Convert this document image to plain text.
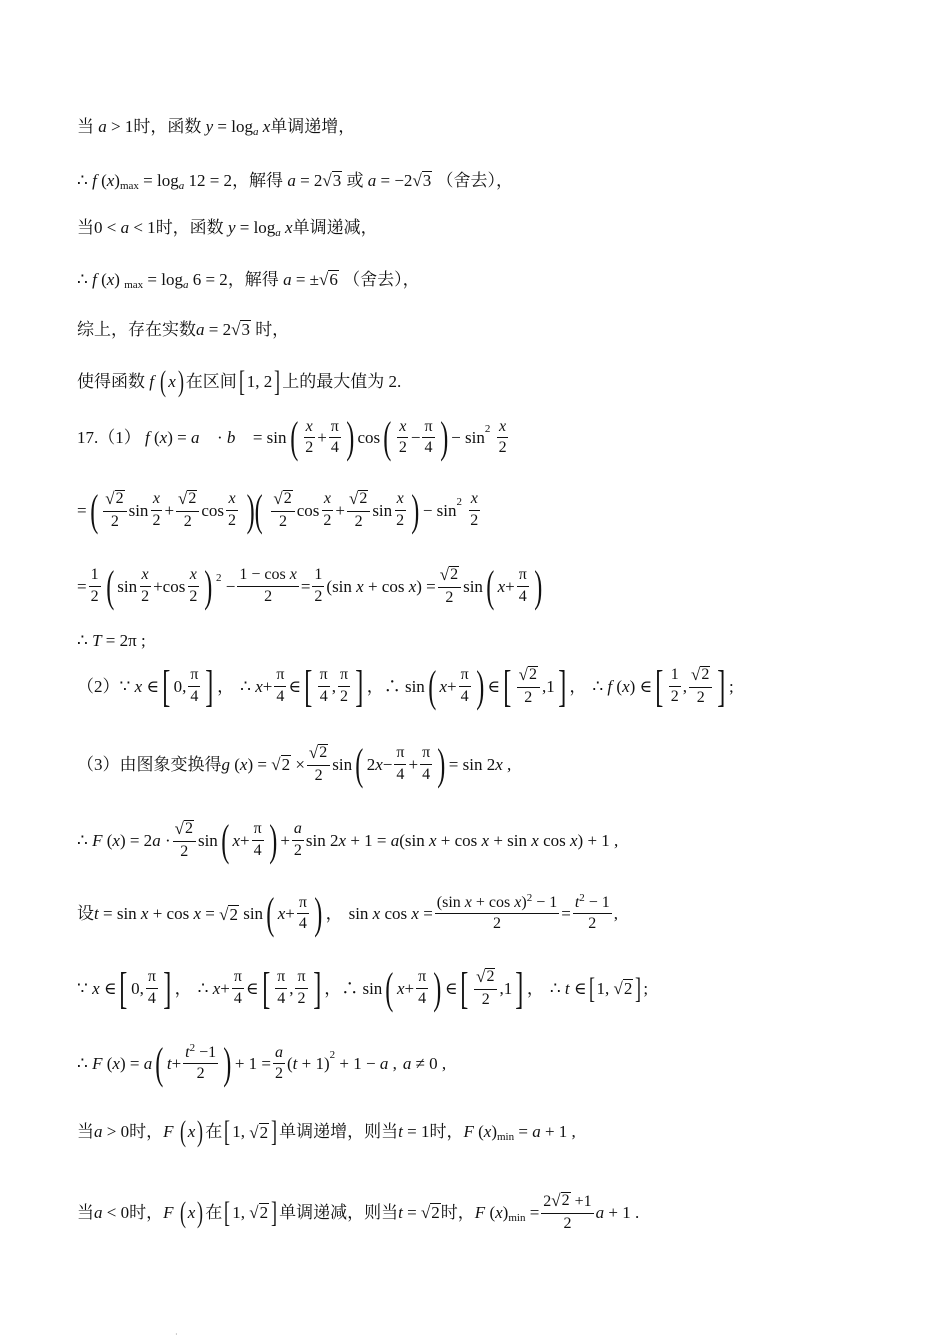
当 a > 1 时，函数 y = log a
x 单调递增，
∴ f ( x ) max = log a 12 = 2 ，解得 a = 2 √ 3
或 a = −2 √ 3
（舍去），
当 0 < a < 1 时，函数 y = log a
x 单调递减，
∴ f ( x ) max = log a 6 = 2 ，解得 a = ± √ 6
（舍去），
综上，存在实数 a = 2 √ 3
时，
使得函数
f
( x ) 在区间 [ 1, 2 ] 上的最大值为 2.
17.（1）
f ( x ) = a⃗ · b⃗ = sin ( $\frac{x}{2} + \frac{\pi}{4}$ ) cos ( $\frac{x}{2} - \frac{\pi}{4}$ ) − sin 2
$\frac{x}{2}$
= ( $\frac{√ 2}{2}$ $\sin \frac{x}{2} + \frac{√ 2}{2}$ $\cos \frac{x}{2}$ )( $\frac{√ 2}{2}$ $\cos \frac{x}{2} + \frac{√ 2}{2}$ $\sin \frac{x}{2}$ ) − sin 2
$\frac{x}{2}$
= $\frac{1}{2}$ ( $\sin \frac{x}{2} +\cos \frac{x}{2}$ ) $2 - \frac{\text{1 − cos x}}{2} = \frac{1}{2} (\sin$ x + cos x ) = $\frac{√ 2}{2}$ sin ( $x + \frac{\pi}{4}$ )
∴ T = 2π ;
（2） ∵ x ∈ [ 0, $\frac{\pi}{4}$ ] ， ∴ $x + \frac{\pi}{4}$ ∈ [ $\frac{\pi}{4}$ , $\frac{\pi}{2}$ ] ，∴ sin ( $x + \frac{\pi}{4}$ ) ∈ [ $\frac{√ 2}{2} ,1$ ] ， ∴ f ( x ) ∈ [ $\frac{1}{2}$ , $\frac{√ 2}{2}$ ] ;
（3）由图象变换得 g ( x ) = √ $2 \times \frac{√ 2}{2}$ sin ( 2 $x - \frac{\pi}{4} + \frac{\pi}{4}$ ) = sin 2 x ,
∴ F ( x ) = 2 $a \cdot \frac{√ 2}{2}$ sin ( $x + \frac{\pi}{4}$ ) + $\frac{a}{2}$ sin 2 x + 1 = a (sin x + cos x + sin x cos x ) + 1 ,
设 t = sin x + cos x = √ 2 sin ( $x + \frac{\pi}{4}$ ) ， sin x $\cos x = \frac{(\sin x + \cos x)^2 - 1}{2} = \frac{t^2 - 1}{2}$ ,
∵ x ∈ [ 0, $\frac{\pi}{4}$ ] ， ∴ $x + \frac{\pi}{4}$ ∈ [ $\frac{\pi}{4}$ , $\frac{\pi}{2}$ ] ，∴ sin ( $x + \frac{\pi}{4}$ ) ∈ [ $\frac{√ 2}{2} ,1$ ] ， ∴ t ∈ [ 1, √ 2 ] ;
∴ F ( x ) = a ( $t + \frac{t^2 -1}{2}$ ) + $1 = \frac{a}{2}$ ( t + 1) 2 + 1 − a , a ≠ 0 ,
当 a > 0 时， F
( x ) 在 [ 1, √ 2 ] 单调递增，则当 t = 1 时， F ( x ) min = a + 1 ,
当 a < 0 时， F
( x ) 在 [ 1, √ 2 ] 单调递减，则当 t = √ 2 时， F ( x ) $\min = \frac{2 √ 2 +1}{2}$ a + 1 .
·
